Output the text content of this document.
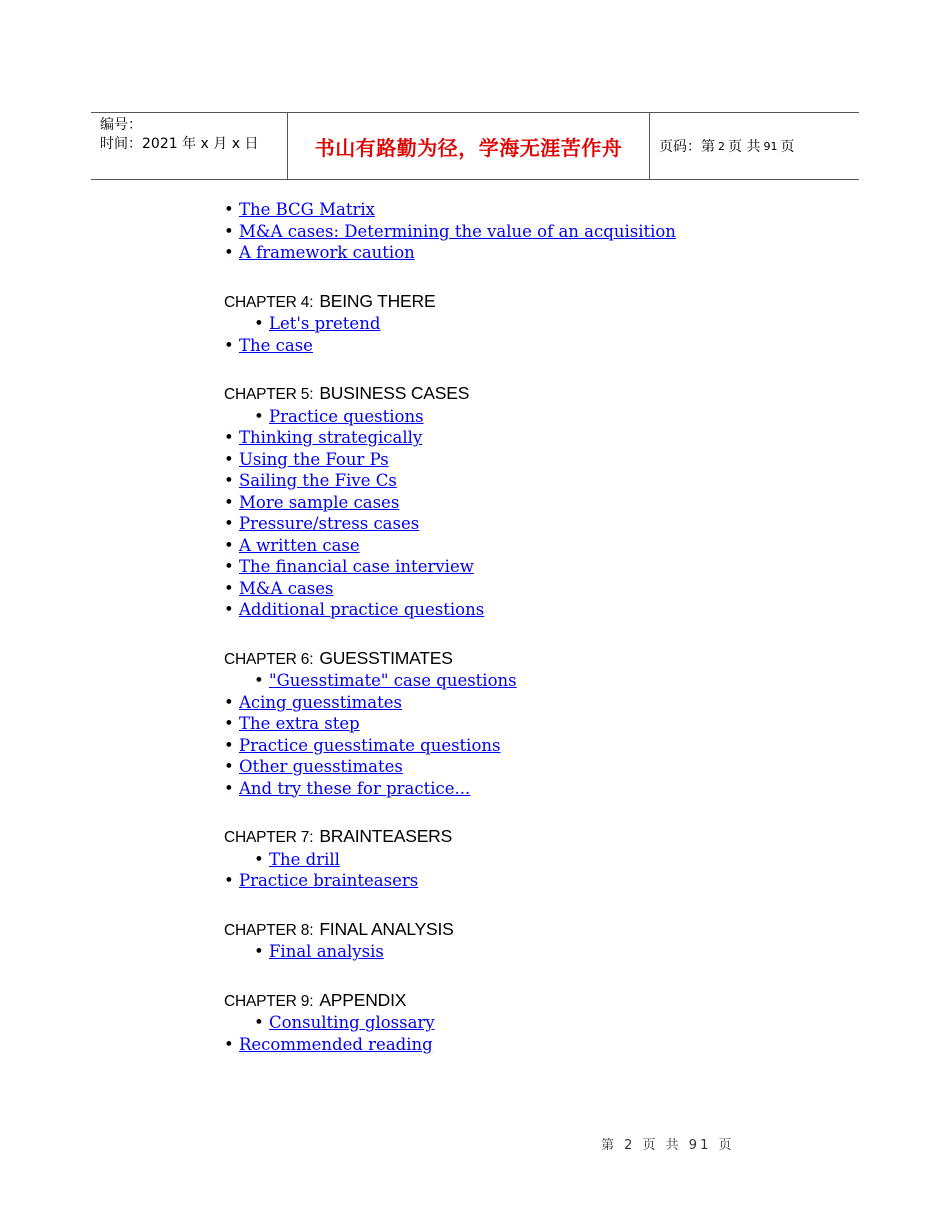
编号：
时间：2021 年 x 月 x 日	书山有路勤为径，学海无涯苦作舟	页码：第 2 页 共 91 页
• The BCG Matrix
• M&A cases: Determining the value of an acquisition
• A framework caution
CHAPTER 4: BEING THERE
• Let's pretend
• The case
CHAPTER 5: BUSINESS CASES
• Practice questions
• Thinking strategically
• Using the Four Ps
• Sailing the Five Cs
• More sample cases
• Pressure/stress cases
• A written case
• The financial case interview
• M&A cases
• Additional practice questions
CHAPTER 6: GUESSTIMATES
• "Guesstimate" case questions
• Acing guesstimates
• The extra step
• Practice guesstimate questions
• Other guesstimates
• And try these for practice...
CHAPTER 7: BRAINTEASERS
• The drill
• Practice brainteasers
CHAPTER 8: FINAL ANALYSIS
• Final analysis
CHAPTER 9: APPENDIX
• Consulting glossary
• Recommended reading
第 2 页 共 91 页
